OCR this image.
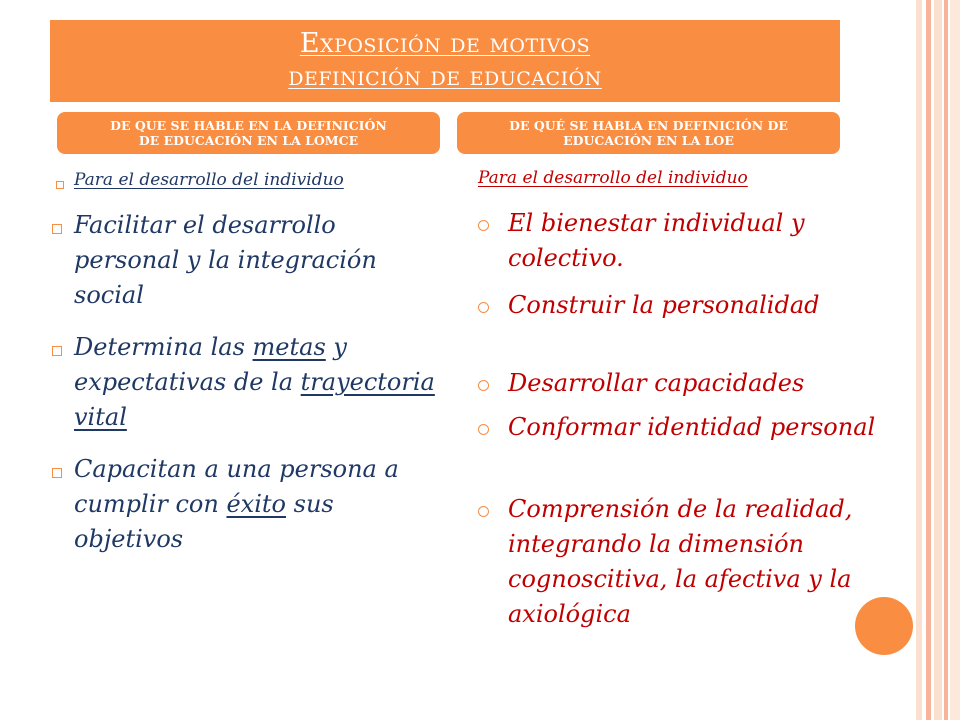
Exposición de motivos
definición de educación
DE QUE SE HABLE EN LA DEFINICIÓN
DE EDUCACIÓN EN LA LOMCE
DE QUÉ SE HABLA EN DEFINICIÓN DE
EDUCACIÓN EN LA LOE
Para el desarrollo del individuo
Facilitar el desarrollo personal y la integración social
Determina las metas y expectativas de la trayectoria vital
Capacitan a una persona a cumplir con éxito sus objetivos
Para el desarrollo del individuo
El bienestar individual y colectivo.
Construir la personalidad
Desarrollar capacidades
Conformar identidad personal
Comprensión de la realidad, integrando la dimensión cognoscitiva, la afectiva y la axiológica
